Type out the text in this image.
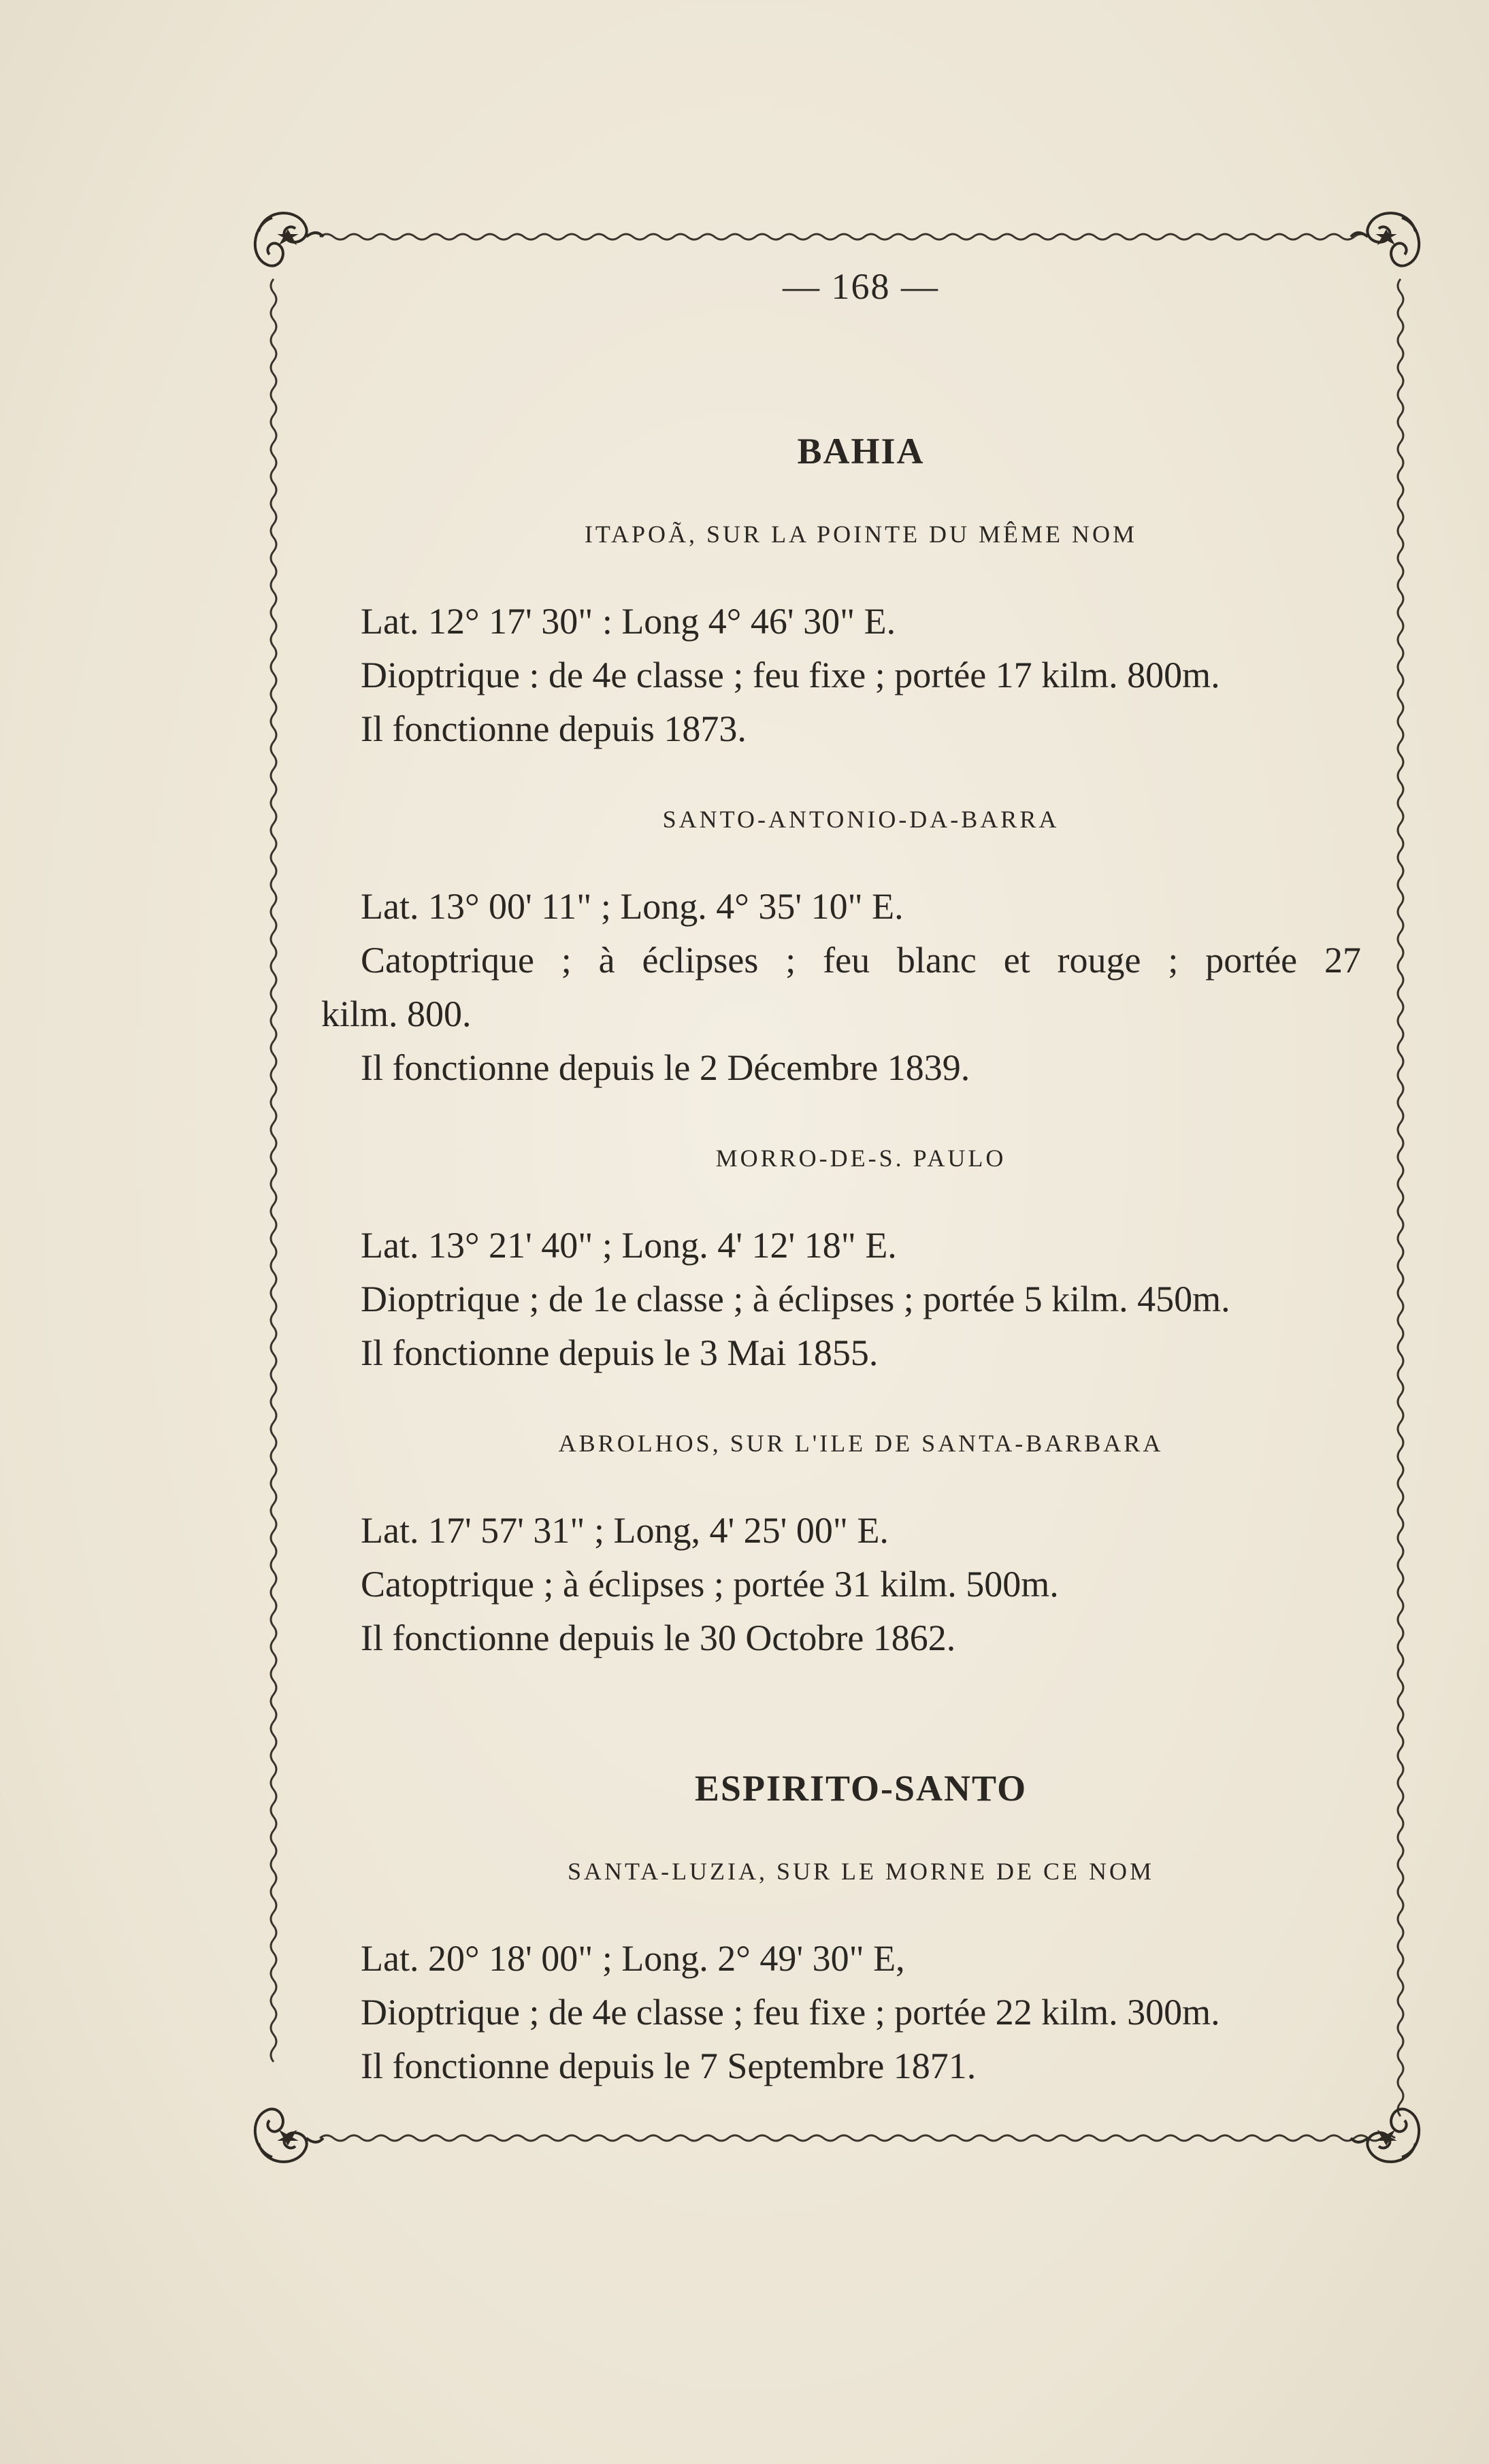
— 168 —

BAHIA

ITAPOÃ, SUR LA POINTE DU MÊME NOM

Lat. 12° 17' 30" : Long 4° 46' 30" E.

Dioptrique : de 4e classe ; feu fixe ; portée 17 kilm. 800m.

Il fonctionne depuis 1873.

SANTO-ANTONIO-DA-BARRA

Lat. 13° 00' 11" ; Long. 4° 35' 10" E.

Catoptrique ; à éclipses ; feu blanc et rouge ; portée 27

kilm. 800.

Il fonctionne depuis le 2 Décembre 1839.

MORRO-DE-S. PAULO

Lat. 13° 21' 40" ; Long. 4' 12' 18" E.

Dioptrique ; de 1e classe ; à éclipses ; portée 5 kilm. 450m.

Il fonctionne depuis le 3 Mai 1855.

ABROLHOS, SUR L'ILE DE SANTA-BARBARA

Lat. 17' 57' 31" ; Long, 4' 25' 00" E.

Catoptrique ; à éclipses ; portée 31 kilm. 500m.

Il fonctionne depuis le 30 Octobre 1862.

ESPIRITO-SANTO

SANTA-LUZIA, SUR LE MORNE DE CE NOM

Lat. 20° 18' 00" ; Long. 2° 49' 30" E,

Dioptrique ; de 4e classe ; feu fixe ; portée 22 kilm. 300m.

Il fonctionne depuis le 7 Septembre 1871.
